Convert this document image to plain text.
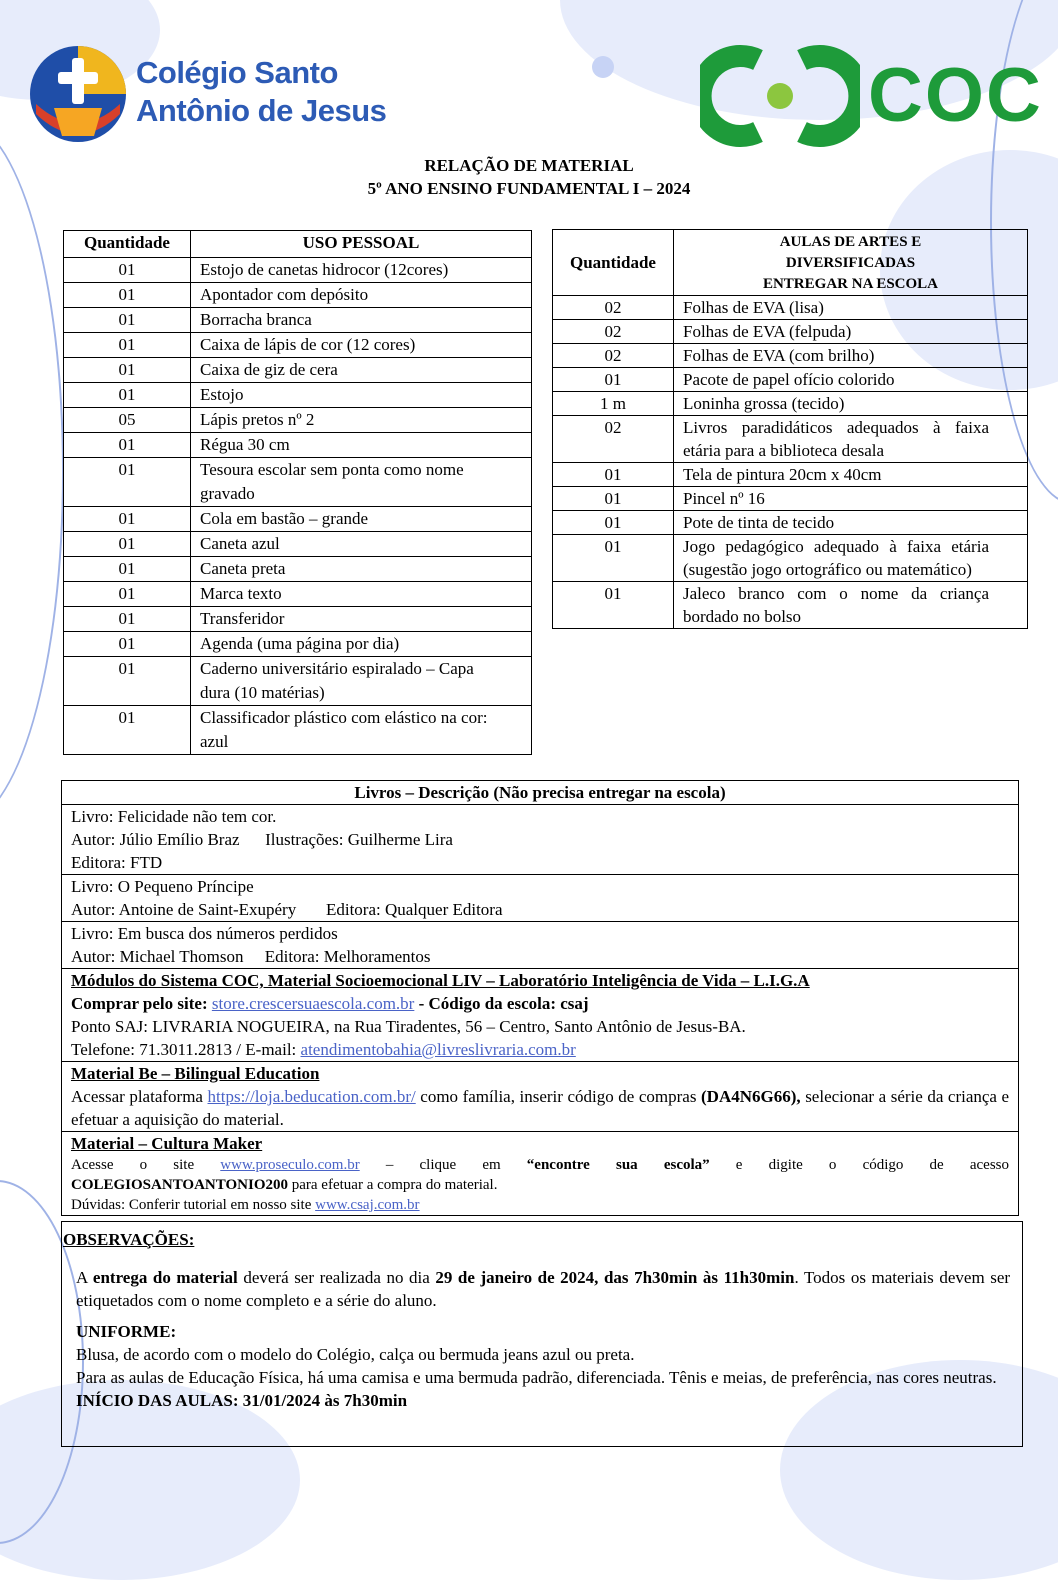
Colégio Santo
Antônio de Jesus	COC
RELAÇÃO DE MATERIAL
5º ANO ENSINO FUNDAMENTAL I – 2024
Quantidade	USO PESSOAL
01	Estojo de canetas hidrocor (12cores)
01	Apontador com depósito
01	Borracha branca
01	Caixa de lápis de cor (12 cores)
01	Caixa de giz de cera
01	Estojo
05	Lápis pretos nº 2
01	Régua 30 cm
01	Tesoura escolar sem ponta como nome gravado
01	Cola em bastão – grande
01	Caneta azul
01	Caneta preta
01	Marca texto
01	Transferidor
01	Agenda (uma página por dia)
01	Caderno universitário espiralado – Capa dura (10 matérias)
01	Classificador plástico com elástico na cor: azul
Quantidade	AULAS DE ARTES E
DIVERSIFICADAS
ENTREGAR NA ESCOLA

02	Folhas de EVA (lisa)
02	Folhas de EVA (felpuda)
02	Folhas de EVA (com brilho)
01	Pacote de papel ofício colorido
1 m	Loninha grossa (tecido)
02	Livros paradidáticos adequados à faixa etária para a biblioteca desala
01	Tela de pintura 20cm x 40cm
01	Pincel nº 16
01	Pote de tinta de tecido
01	Jogo pedagógico adequado à faixa etária (sugestão jogo ortográfico ou matemático)
01	Jaleco branco com o nome da criança bordado no bolso
Livros – Descrição (Não precisa entregar na escola)

Livro: Felicidade não tem cor.
Autor: Júlio Emílio Braz Ilustrações: Guilherme Lira
Editora: FTD

Livro: O Pequeno Príncipe
Autor: Antoine de Saint-Exupéry Editora: Qualquer Editora

Livro: Em busca dos números perdidos
Autor: Michael Thomson Editora: Melhoramentos

Módulos do Sistema COC, Material Socioemocional LIV – Laboratório Inteligência de Vida – L.I.G.A
Comprar pelo site: store.crescersuaescola.com.br - Código da escola: csaj
Ponto SAJ: LIVRARIA NOGUEIRA, na Rua Tiradentes, 56 – Centro, Santo Antônio de Jesus-BA.
Telefone: 71.3011.2813 / E-mail: atendimentobahia@livreslivraria.com.br

Material Be – Bilingual Education
Acessar plataforma https://loja.beducation.com.br/ como família, inserir código de compras (DA4N6G66), selecionar a série da criança e efetuar a aquisição do material.

Material – Cultura Maker
Acesse o site www.proseculo.com.br – clique em “encontre sua escola” e digite o código de acesso
COLEGIOSANTOANTONIO200 para efetuar a compra do material.
Dúvidas: Conferir tutorial em nosso site www.csaj.com.br
OBSERVAÇÕES:

A entrega do material deverá ser realizada no dia 29 de janeiro de 2024, das 7h30min às 11h30min. Todos os materiais devem ser etiquetados com o nome completo e a série do aluno.

UNIFORME:

Blusa, de acordo com o modelo do Colégio, calça ou bermuda jeans azul ou preta.

Para as aulas de Educação Física, há uma camisa e uma bermuda padrão, diferenciada. Tênis e meias, de preferência, nas cores neutras.

INÍCIO DAS AULAS: 31/01/2024 às 7h30min
